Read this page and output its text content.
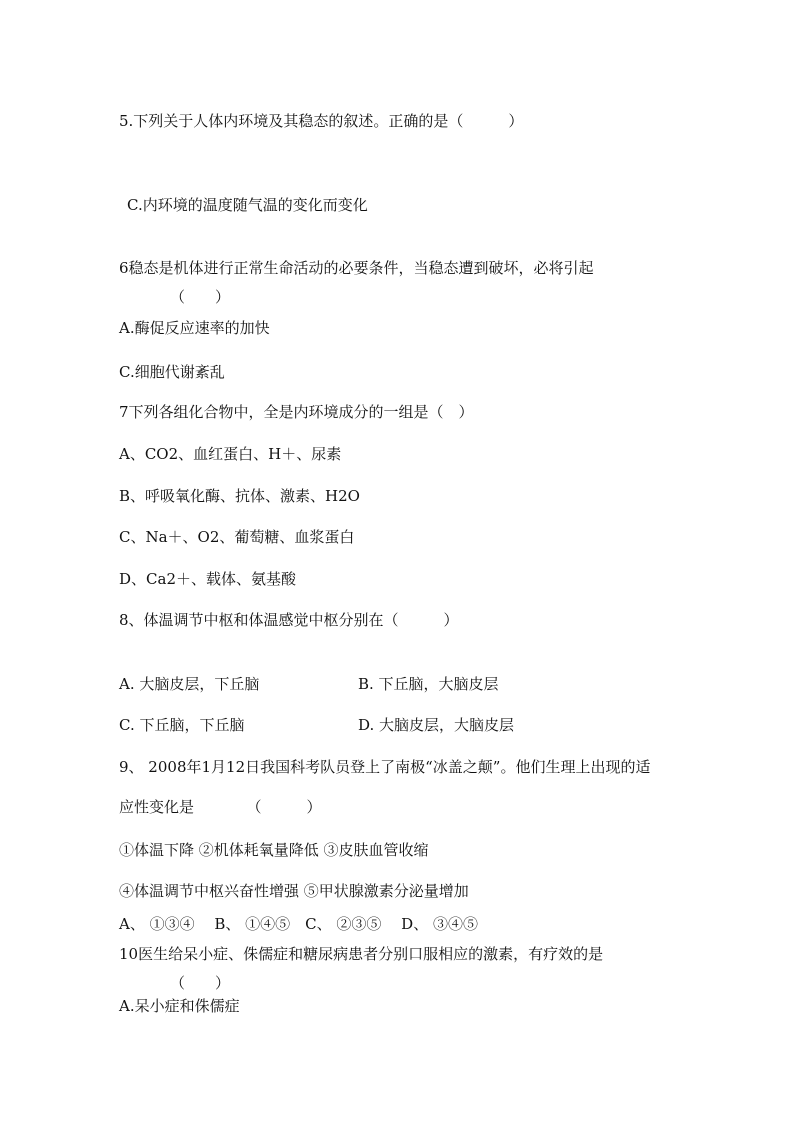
5.下列关于人体内环境及其稳态的叙述。正确的是（　　　）
C.内环境的温度随气温的变化而变化
6稳态是机体进行正常生命活动的必要条件，当稳态遭到破坏，必将引起
（　　）
A.酶促反应速率的加快
C.细胞代谢紊乱
7下列各组化合物中，全是内环境成分的一组是（　）
A、CO2、血红蛋白、H＋、尿素
B、呼吸氧化酶、抗体、激素、H2O
C、Na＋、O2、葡萄糖、血浆蛋白
D、Ca2＋、载体、氨基酸
8、体温调节中枢和体温感觉中枢分别在（　　　）
A. 大脑皮层，下丘脑	B. 下丘脑，大脑皮层
C. 下丘脑，下丘脑	D. 大脑皮层，大脑皮层
9、 2008年1月12日我国科考队员登上了南极“冰盖之颠”。他们生理上出现的适
应性变化是　　　　（　　　）
①体温下降 ②机体耗氧量降低 ③皮肤血管收缩
④体温调节中枢兴奋性增强 ⑤甲状腺激素分泌量增加
A、 ①③④　 B、 ①④⑤　C、 ②③⑤　 D、 ③④⑤
10医生给呆小症、侏儒症和糖尿病患者分别口服相应的激素，有疗效的是
（　　）
A.呆小症和侏儒症
